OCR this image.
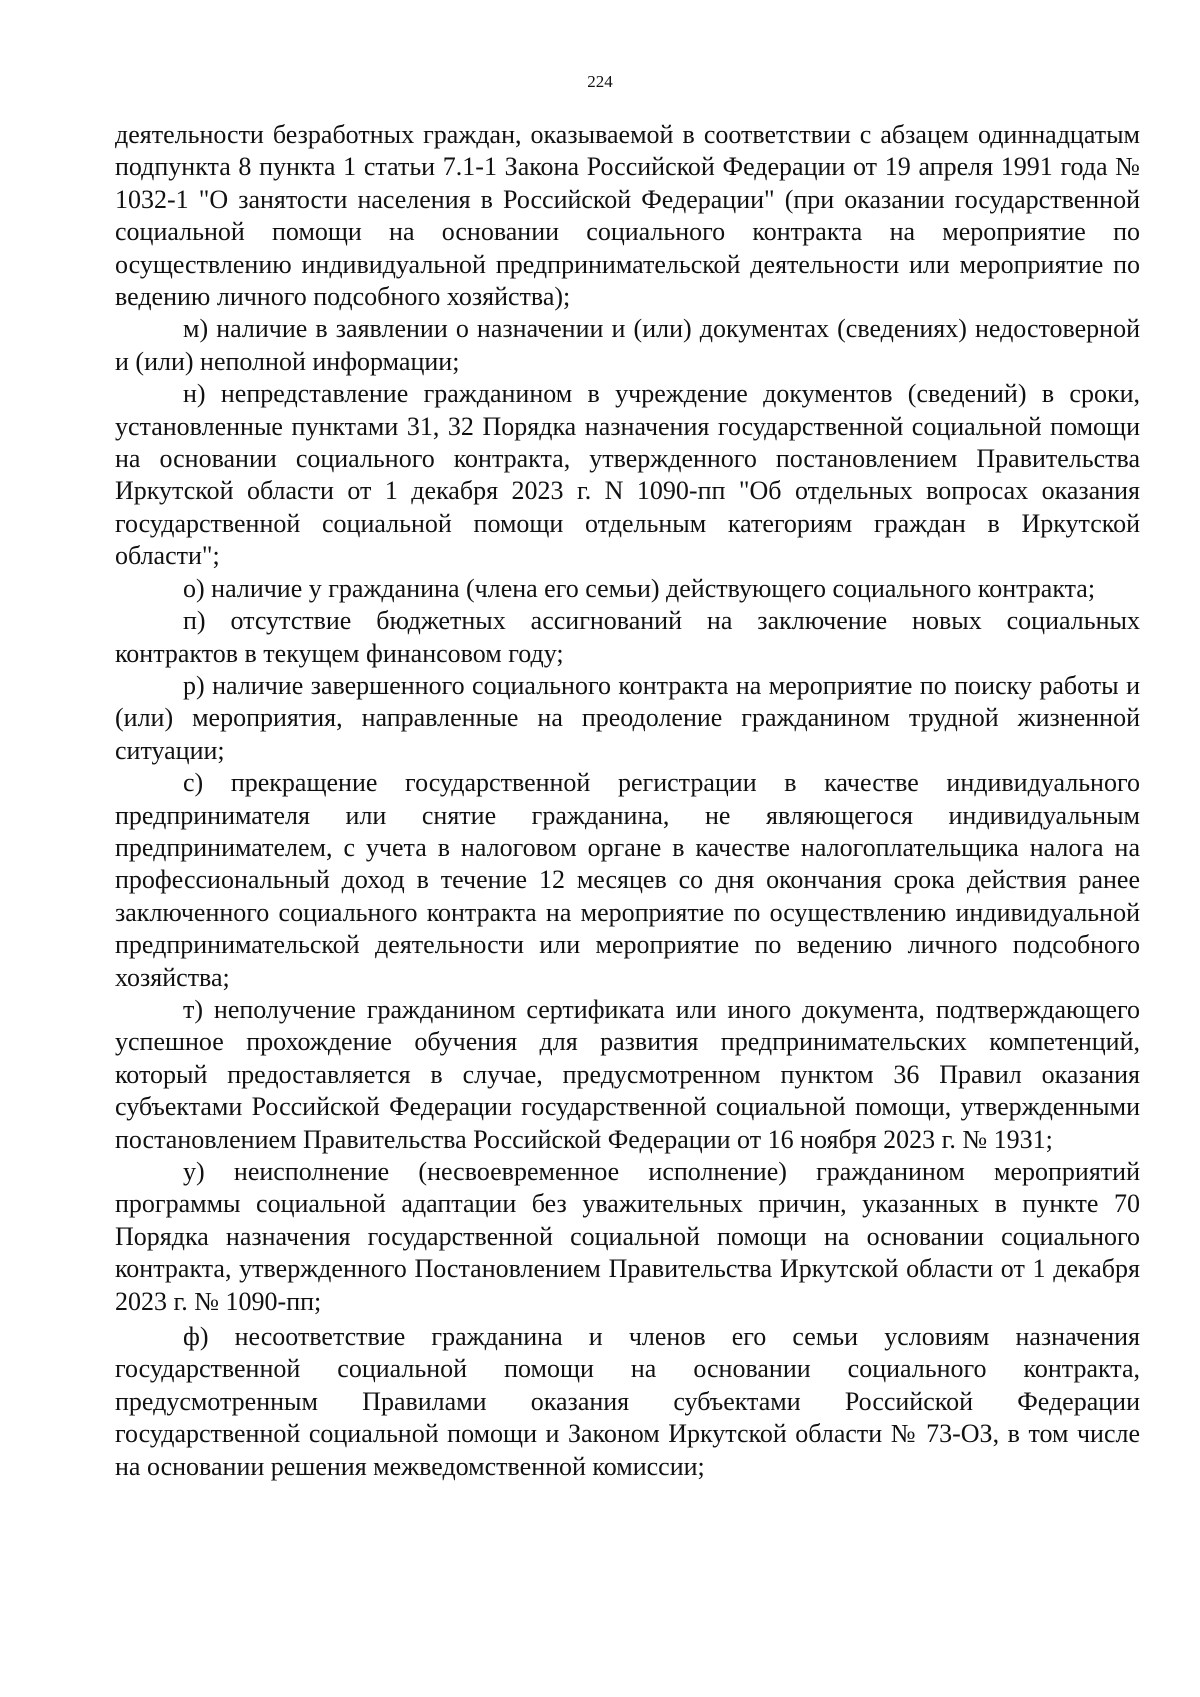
224

деятельности безработных граждан, оказываемой в соответствии с абзацем одиннадцатым подпункта 8 пункта 1 статьи 7.1-1 Закона Российской Федерации от 19 апреля 1991 года № 1032-1 "О занятости населения в Российской Федерации" (при оказании государственной социальной помощи на основании социального контракта на мероприятие по осуществлению индивидуальной предпринимательской деятельности или мероприятие по ведению личного подсобного хозяйства);

м) наличие в заявлении о назначении и (или) документах (сведениях) недостоверной и (или) неполной информации;

н) непредставление гражданином в учреждение документов (сведений) в сроки, установленные пунктами 31, 32 Порядка назначения государственной социальной помощи на основании социального контракта, утвержденного постановлением Правительства Иркутской области от 1 декабря 2023 г. N 1090-пп "Об отдельных вопросах оказания государственной социальной помощи отдельным категориям граждан в Иркутской области";

о) наличие у гражданина (члена его семьи) действующего социального контракта;

п) отсутствие бюджетных ассигнований на заключение новых социальных контрактов в текущем финансовом году;

р) наличие завершенного социального контракта на мероприятие по поиску работы и (или) мероприятия, направленные на преодоление гражданином трудной жизненной ситуации;

с) прекращение государственной регистрации в качестве индивидуального предпринимателя или снятие гражданина, не являющегося индивидуальным предпринимателем, с учета в налоговом органе в качестве налогоплательщика налога на профессиональный доход в течение 12 месяцев со дня окончания срока действия ранее заключенного социального контракта на мероприятие по осуществлению индивидуальной предпринимательской деятельности или мероприятие по ведению личного подсобного хозяйства;

т) неполучение гражданином сертификата или иного документа, подтверждающего успешное прохождение обучения для развития предпринимательских компетенций, который предоставляется в случае, предусмотренном пунктом 36 Правил оказания субъектами Российской Федерации государственной социальной помощи, утвержденными постановлением Правительства Российской Федерации от 16 ноября 2023 г. № 1931;

у) неисполнение (несвоевременное исполнение) гражданином мероприятий программы социальной адаптации без уважительных причин, указанных в пункте 70 Порядка назначения государственной социальной помощи на основании социального контракта, утвержденного Постановлением Правительства Иркутской области от 1 декабря 2023 г. № 1090-пп;

ф) несоответствие гражданина и членов его семьи условиям назначения государственной социальной помощи на основании социального контракта, предусмотренным Правилами оказания субъектами Российской Федерации государственной социальной помощи и Законом Иркутской области № 73-ОЗ, в том числе на основании решения межведомственной комиссии;
